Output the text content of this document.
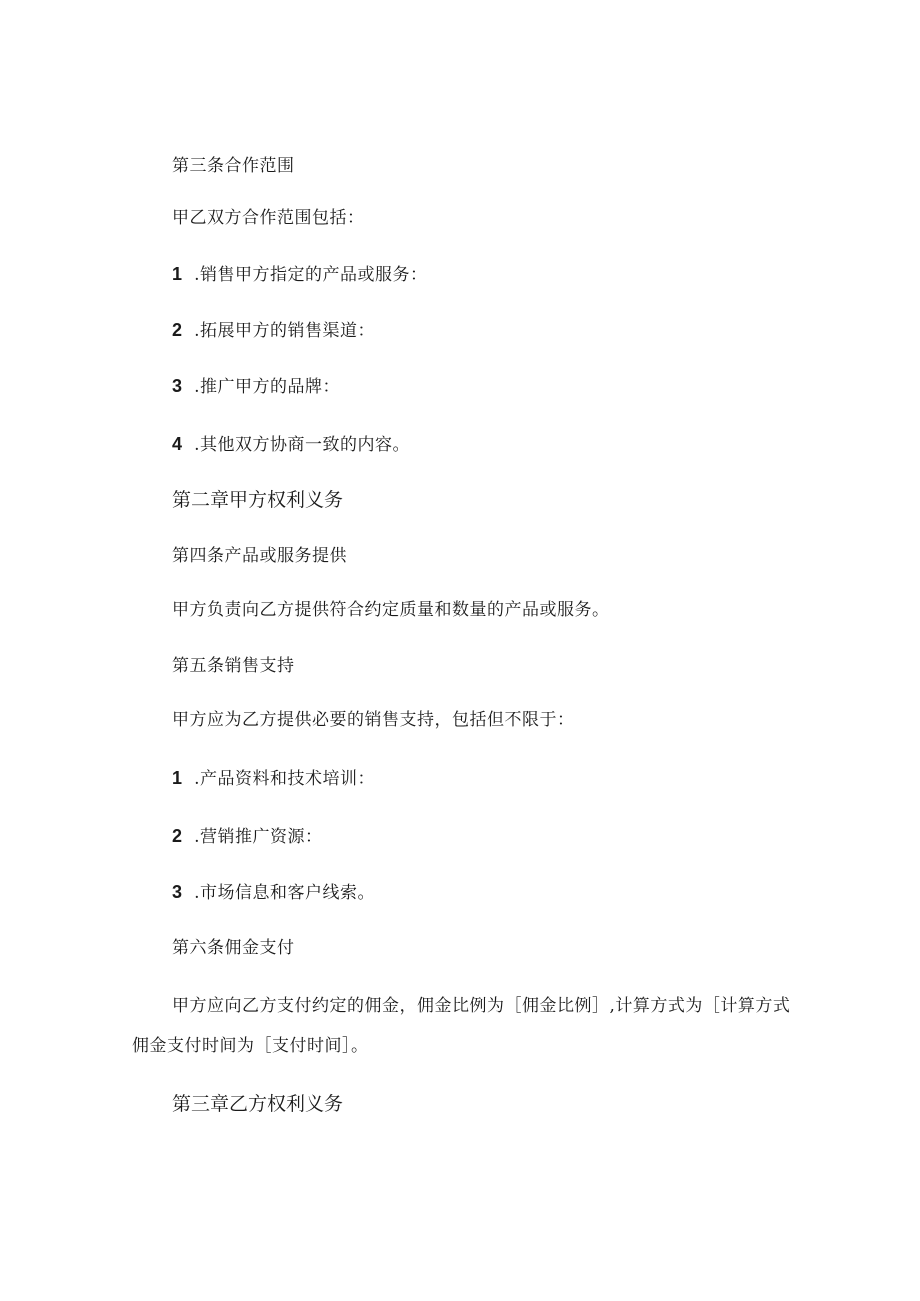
第三条合作范围
甲乙双方合作范围包括：
1 .销售甲方指定的产品或服务：
2 .拓展甲方的销售渠道：
3 .推广甲方的品牌：
4 .其他双方协商一致的内容。
第二章甲方权利义务
第四条产品或服务提供
甲方负责向乙方提供符合约定质量和数量的产品或服务。
第五条销售支持
甲方应为乙方提供必要的销售支持，包括但不限于：
1 .产品资料和技术培训：
2 .营销推广资源：
3 .市场信息和客户线索。
第六条佣金支付
甲方应向乙方支付约定的佣金，佣金比例为［佣金比例］,计算方式为［计算方式佣金支付时间为［支付时间］。
第三章乙方权利义务
